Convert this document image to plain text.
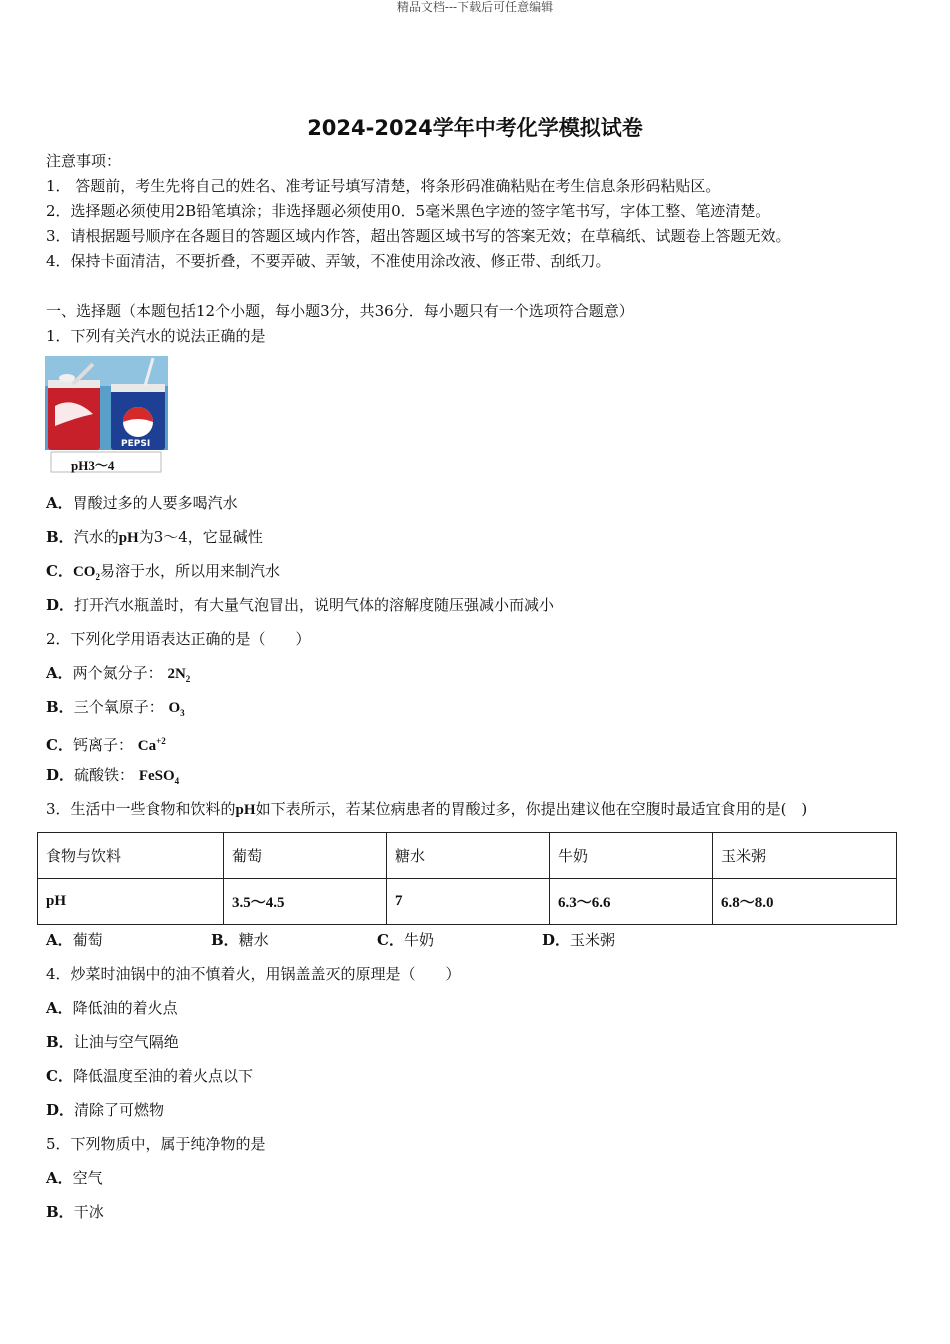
精品文档---下载后可任意编辑
2024-2024学年中考化学模拟试卷
注意事项：
1． 答题前，考生先将自己的姓名、准考证号填写清楚，将条形码准确粘贴在考生信息条形码粘贴区。
2．选择题必须使用2B铅笔填涂；非选择题必须使用0．5毫米黑色字迹的签字笔书写，字体工整、笔迹清楚。
3．请根据题号顺序在各题目的答题区域内作答，超出答题区域书写的答案无效；在草稿纸、试题卷上答题无效。
4．保持卡面清洁，不要折叠，不要弄破、弄皱，不准使用涂改液、修正带、刮纸刀。
一、选择题（本题包括12个小题，每小题3分，共36分．每小题只有一个选项符合题意）
1．下列有关汽水的说法正确的是
PEPSI
pH3～4
A．胃酸过多的人要多喝汽水
B．汽水的pH为3～4，它显碱性
C．$CO_2$易溶于水，所以用来制汽水
D．打开汽水瓶盖时，有大量气泡冒出，说明气体的溶解度随压强减小而减小
2．下列化学用语表达正确的是（　　）
A．两个氮分子： $2N_2$
B．三个氧原子： $O_3$
C．钙离子： $Ca^{+2}$
D．硫酸铁： FeSO$_4$
3．生活中一些食物和饮料的pH如下表所示，若某位病患者的胃酸过多，你提出建议他在空腹时最适宜食用的是(　)
食物与饮料	葡萄	糖水	牛奶	玉米粥
pH	3.5～4.5	7	6.3～6.6	6.8～8.0
A．葡萄	B．糖水	C．牛奶	D．玉米粥
4．炒菜时油锅中的油不慎着火，用锅盖盖灭的原理是（　　）
A．降低油的着火点
B．让油与空气隔绝
C．降低温度至油的着火点以下
D．清除了可燃物
5．下列物质中，属于纯净物的是
A．空气
B．干冰
